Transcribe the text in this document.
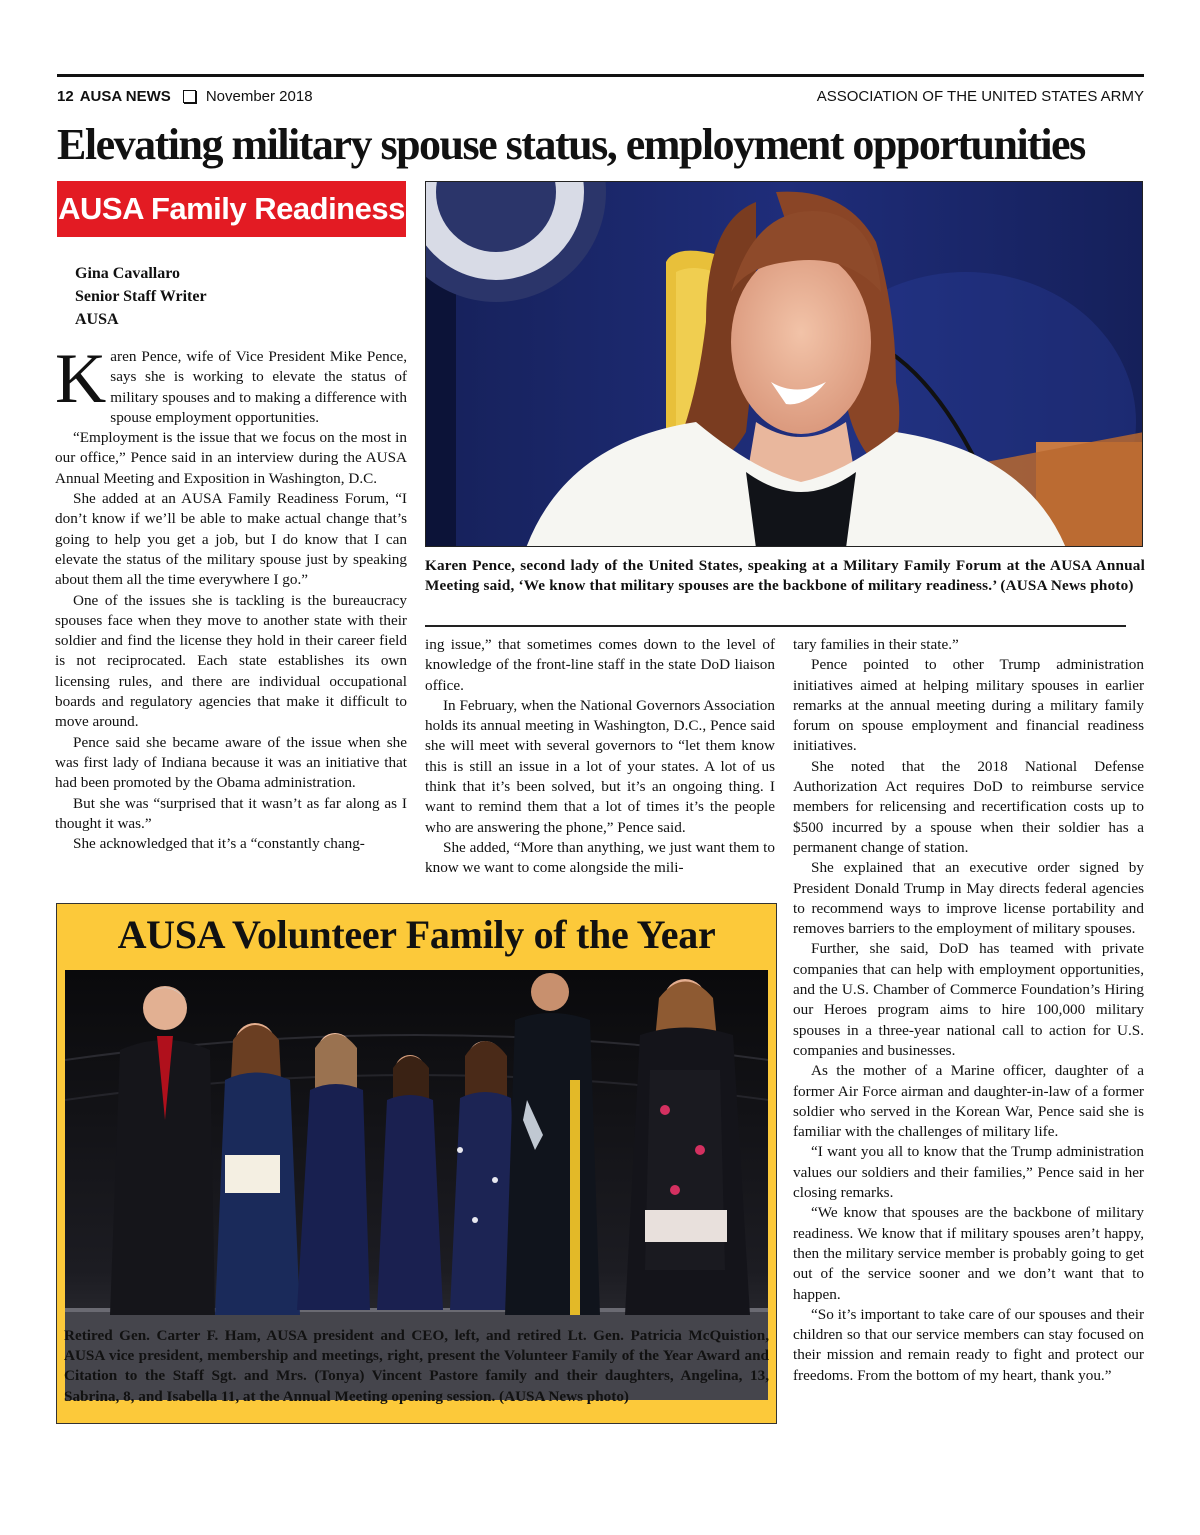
12 AUSA NEWS November 2018	ASSOCIATION OF THE UNITED STATES ARMY
Elevating military spouse status, employment opportunities
AUSA Family Readiness
Gina Cavallaro
Senior Staff Writer
AUSA

Karen Pence, wife of Vice President Mike Pence, says she is working to elevate the status of military spouses and to making a difference with spouse employment opportunities.

“Employment is the issue that we focus on the most in our office,” Pence said in an interview during the AUSA Annual Meeting and Exposition in Washington, D.C.

She added at an AUSA Family Readiness Forum, “I don’t know if we’ll be able to make actual change that’s going to help you get a job, but I do know that I can elevate the status of the military spouse just by speaking about them all the time everywhere I go.”

One of the issues she is tackling is the bureaucracy spouses face when they move to another state with their soldier and find the license they hold in their career field is not reciprocated. Each state establishes its own licensing rules, and there are individual occupational boards and regulatory agencies that make it difficult to move around.

Pence said she became aware of the issue when she was first lady of Indiana because it was an initiative that had been promoted by the Obama administration.

But she was “surprised that it wasn’t as far along as I thought it was.”

She acknowledged that it’s a “constantly chang-

Karen Pence, second lady of the United States, speaking at a Military Family Forum at the AUSA Annual Meeting said, ‘We know that military spouses are the backbone of military readiness.’ (AUSA News photo)

ing issue,” that sometimes comes down to the level of knowledge of the front-line staff in the state DoD liaison office.

In February, when the National Governors Association holds its annual meeting in Washington, D.C., Pence said she will meet with several governors to “let them know this is still an issue in a lot of your states. A lot of us think that it’s been solved, but it’s an ongoing thing. I want to remind them that a lot of times it’s the people who are answering the phone,” Pence said.

She added, “More than anything, we just want them to know we want to come alongside the mili-

tary families in their state.”

Pence pointed to other Trump administration initiatives aimed at helping military spouses in earlier remarks at the annual meeting during a military family forum on spouse employment and financial readiness initiatives.

She noted that the 2018 National Defense Authorization Act requires DoD to reimburse service members for relicensing and recertification costs up to $500 incurred by a spouse when their soldier has a permanent change of station.

She explained that an executive order signed by President Donald Trump in May directs federal agencies to recommend ways to improve license portability and removes barriers to the employment of military spouses.

Further, she said, DoD has teamed with private companies that can help with employment opportunities, and the U.S. Chamber of Commerce Foundation’s Hiring our Heroes program aims to hire 100,000 military spouses in a three-year national call to action for U.S. companies and businesses.

As the mother of a Marine officer, daughter of a former Air Force airman and daughter-in-law of a former soldier who served in the Korean War, Pence said she is familiar with the challenges of military life.

“I want you all to know that the Trump administration values our soldiers and their families,” Pence said in her closing remarks.

“We know that spouses are the backbone of military readiness. We know that if military spouses aren’t happy, then the military service member is probably going to get out of the service sooner and we don’t want that to happen.

“So it’s important to take care of our spouses and their children so that our service members can stay focused on their mission and remain ready to fight and protect our freedoms. From the bottom of my heart, thank you.”

AUSA Volunteer Family of the Year
Retired Gen. Carter F. Ham, AUSA president and CEO, left, and retired Lt. Gen. Patricia McQuistion, AUSA vice president, membership and meetings, right, present the Volunteer Family of the Year Award and Citation to the Staff Sgt. and Mrs. (Tonya) Vincent Pastore family and their daughters, Angelina, 13, Sabrina, 8, and Isabella 11, at the Annual Meeting opening session. (AUSA News photo)
